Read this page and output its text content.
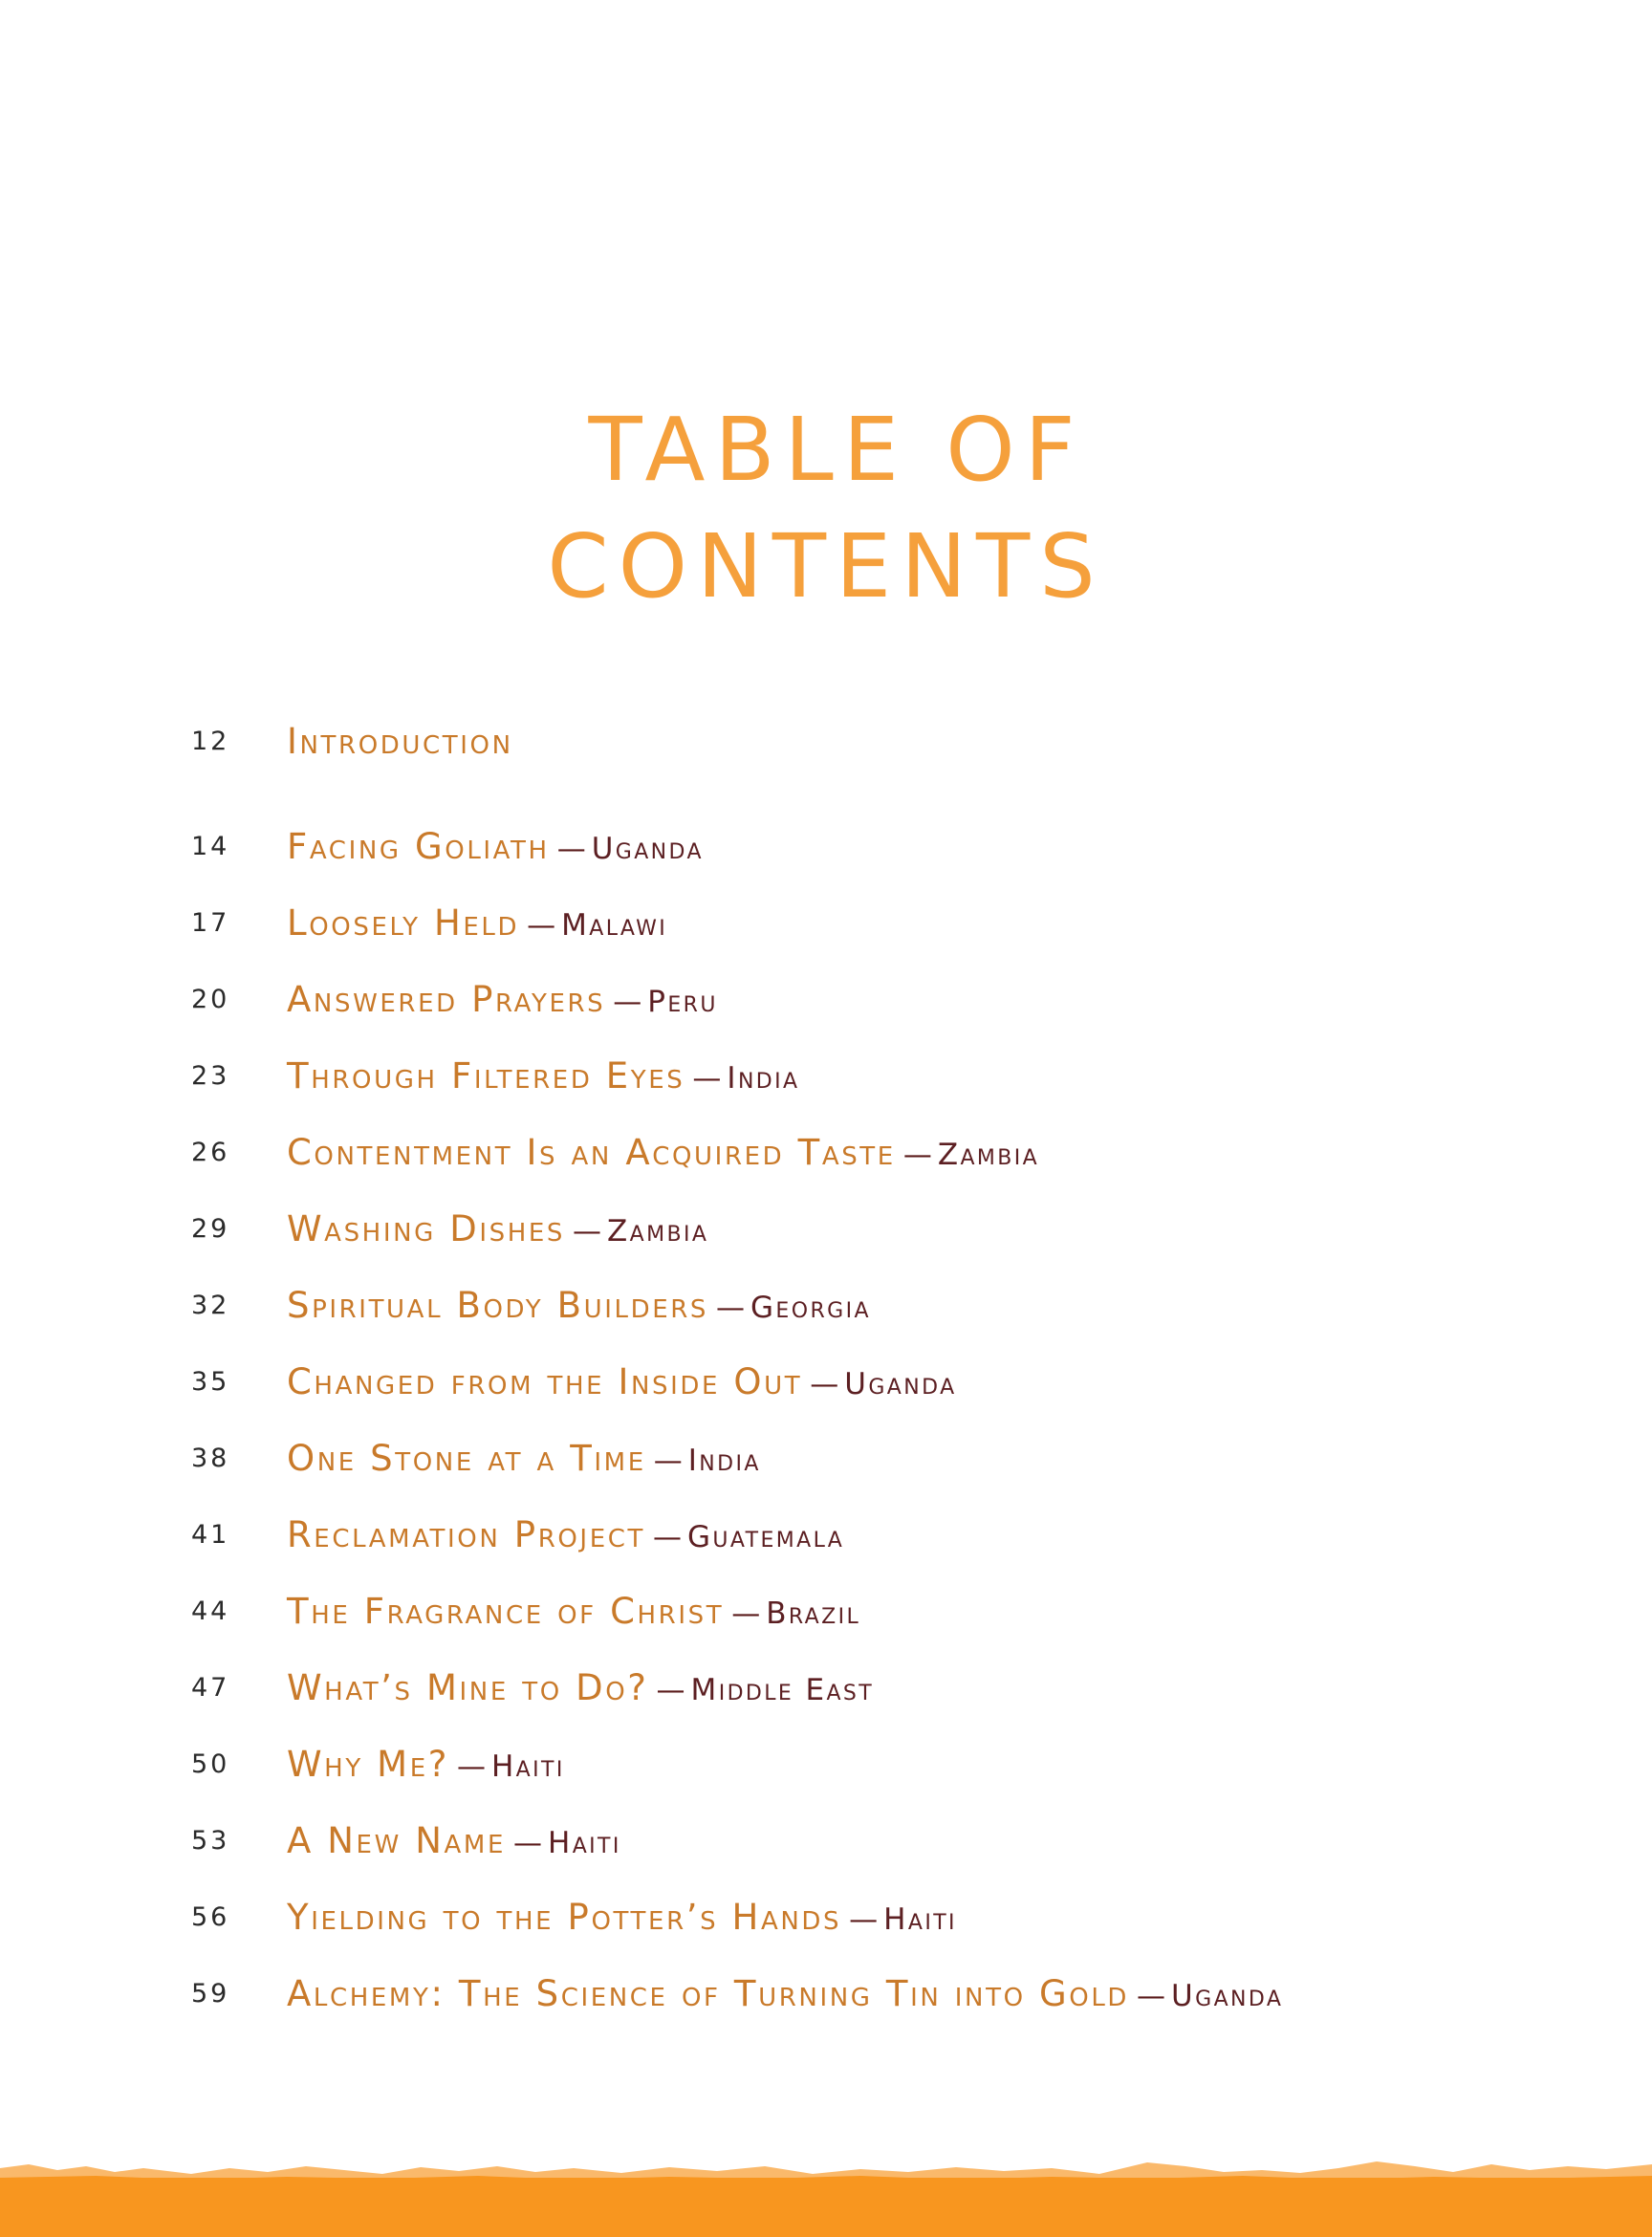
TABLE OF
CONTENTS
12 Introduction
14 Facing Goliath — Uganda
17 Loosely Held — Malawi
20 Answered Prayers — Peru
23 Through Filtered Eyes — India
26 Contentment Is an Acquired Taste — Zambia
29 Washing Dishes — Zambia
32 Spiritual Body Builders — Georgia
35 Changed from the Inside Out — Uganda
38 One Stone at a Time — India
41 Reclamation Project — Guatemala
44 The Fragrance of Christ — Brazil
47 What’s Mine to Do? — Middle East
50 Why Me? — Haiti
53 A New Name — Haiti
56 Yielding to the Potter’s Hands — Haiti
59 Alchemy: The Science of Turning Tin into Gold — Uganda
